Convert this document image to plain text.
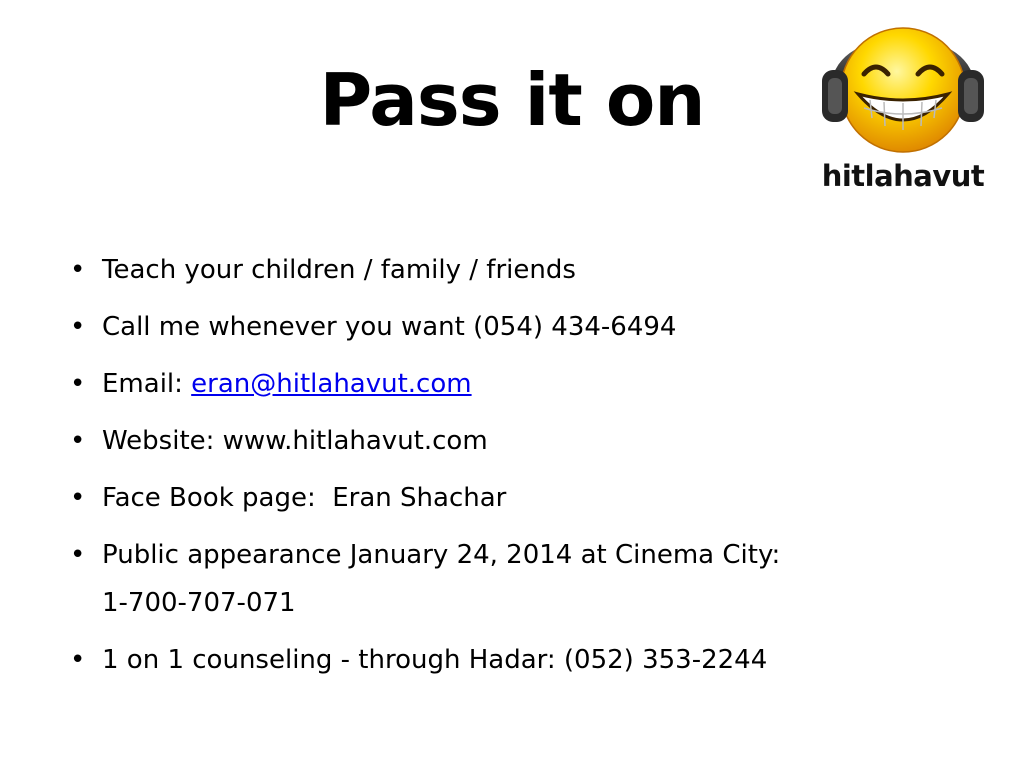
Pass it on
hitlahavut
• Teach your children / family / friends
• Call me whenever you want (054) 434-6494
• Email: eran@hitlahavut.com
• Website: www.hitlahavut.com
• Face Book page:  Eran Shachar
• Public appearance January 24, 2014 at Cinema City:
1-700-707-071
• 1 on 1 counseling - through Hadar: (052) 353-2244
